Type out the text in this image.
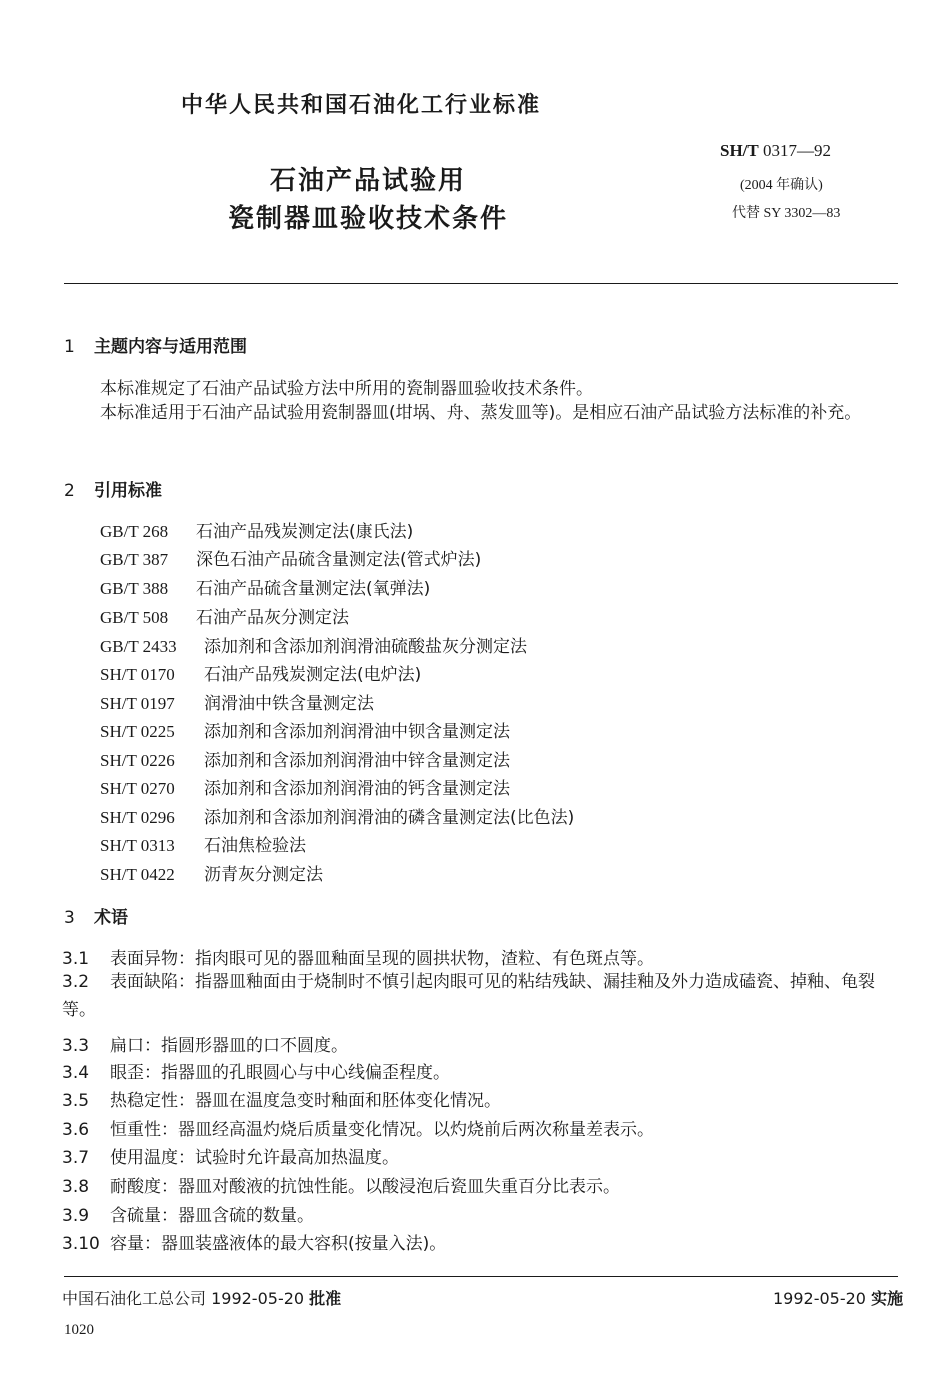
中华人民共和国石油化工行业标准
SH/T 0317—92
(2004 年确认)
代替 SY 3302—83
石油产品试验用
瓷制器皿验收技术条件
1 主题内容与适用范围
本标准规定了石油产品试验方法中所用的瓷制器皿验收技术条件。
本标准适用于石油产品试验用瓷制器皿(坩埚、舟、蒸发皿等)。是相应石油产品试验方法标准的补充。
2 引用标准
GB/T 268 石油产品残炭测定法(康氏法)
GB/T 387 深色石油产品硫含量测定法(管式炉法)
GB/T 388 石油产品硫含量测定法(氧弹法)
GB/T 508 石油产品灰分测定法
GB/T 2433 添加剂和含添加剂润滑油硫酸盐灰分测定法
SH/T 0170 石油产品残炭测定法(电炉法)
SH/T 0197 润滑油中铁含量测定法
SH/T 0225 添加剂和含添加剂润滑油中钡含量测定法
SH/T 0226 添加剂和含添加剂润滑油中锌含量测定法
SH/T 0270 添加剂和含添加剂润滑油的钙含量测定法
SH/T 0296 添加剂和含添加剂润滑油的磷含量测定法(比色法)
SH/T 0313 石油焦检验法
SH/T 0422 沥青灰分测定法
3 术语
3.1 表面异物：指肉眼可见的器皿釉面呈现的圆拱状物，渣粒、有色斑点等。
3.2 表面缺陷：指器皿釉面由于烧制时不慎引起肉眼可见的粘结残缺、漏挂釉及外力造成磕瓷、掉釉、龟裂等。
3.3 扁口：指圆形器皿的口不圆度。
3.4 眼歪：指器皿的孔眼圆心与中心线偏歪程度。
3.5 热稳定性：器皿在温度急变时釉面和胚体变化情况。
3.6 恒重性：器皿经高温灼烧后质量变化情况。以灼烧前后两次称量差表示。
3.7 使用温度：试验时允许最高加热温度。
3.8 耐酸度：器皿对酸液的抗蚀性能。以酸浸泡后瓷皿失重百分比表示。
3.9 含硫量：器皿含硫的数量。
3.10 容量：器皿装盛液体的最大容积(按量入法)。
中国石油化工总公司 1992-05-20 批准	1992-05-20 实施
1020
